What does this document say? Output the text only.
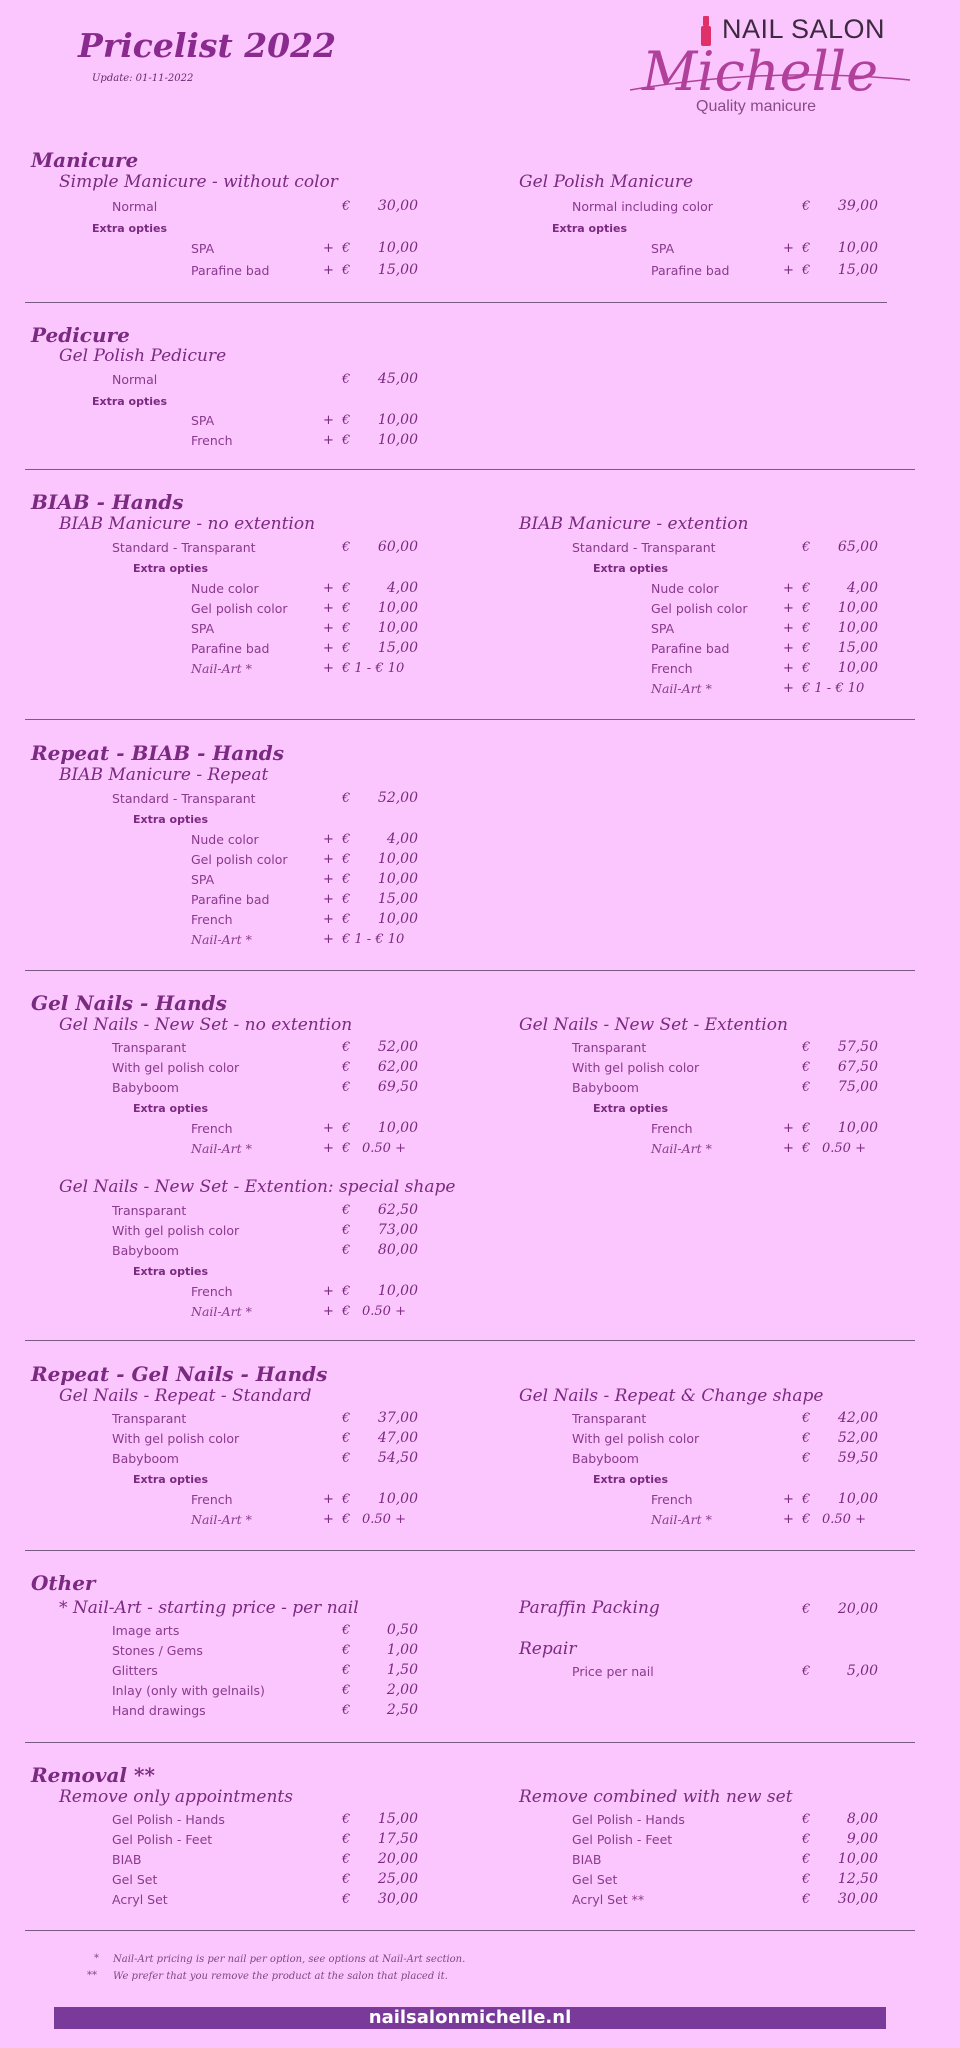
Pricelist 2022
Update: 01-11-2022
NAIL SALON
Michelle
Quality manicure
Manicure
Simple Manicure - without color
Normal	€	30,00
Extra opties
SPA	+ €	10,00
Parafine bad	+ €	15,00
Gel Polish Manicure
Normal including color	€	39,00
Extra opties
SPA	+ €	10,00
Parafine bad	+ €	15,00
Pedicure
Gel Polish Pedicure
Normal	€	45,00
Extra opties
SPA	+ €	10,00
French	+ €	10,00
BIAB - Hands
BIAB Manicure - no extention
Standard - Transparant	€	60,00
Extra opties
Nude color	+ €	4,00
Gel polish color	+ €	10,00
SPA	+ €	10,00
Parafine bad	+ €	15,00
Nail-Art *	+ € 1 - € 10
BIAB Manicure - extention
Standard - Transparant	€	65,00
Extra opties
Nude color	+ €	4,00
Gel polish color	+ €	10,00
SPA	+ €	10,00
Parafine bad	+ €	15,00
French	+ €	10,00
Nail-Art *	+ € 1 - € 10
Repeat - BIAB - Hands
BIAB Manicure - Repeat
Standard - Transparant	€	52,00
Extra opties
Nude color	+ €	4,00
Gel polish color	+ €	10,00
SPA	+ €	10,00
Parafine bad	+ €	15,00
French	+ €	10,00
Nail-Art *	+ € 1 - € 10
Gel Nails - Hands
Gel Nails - New Set - no extention
Transparant	€	52,00
With gel polish color	€	62,00
Babyboom	€	69,50
Extra opties
French	+ €	10,00
Nail-Art *	+ € 0.50 +
Gel Nails - New Set - Extention
Transparant	€	57,50
With gel polish color	€	67,50
Babyboom	€	75,00
Extra opties
French	+ €	10,00
Nail-Art *	+ € 0.50 +
Gel Nails - New Set - Extention: special shape
Transparant	€	62,50
With gel polish color	€	73,00
Babyboom	€	80,00
Extra opties
French	+ €	10,00
Nail-Art *	+ € 0.50 +
Repeat - Gel Nails - Hands
Gel Nails - Repeat - Standard
Transparant	€	37,00
With gel polish color	€	47,00
Babyboom	€	54,50
Extra opties
French	+ €	10,00
Nail-Art *	+ € 0.50 +
Gel Nails - Repeat & Change shape
Transparant	€	42,00
With gel polish color	€	52,00
Babyboom	€	59,50
Extra opties
French	+ €	10,00
Nail-Art *	+ € 0.50 +
Other
* Nail-Art - starting price - per nail
Image arts	€	0,50
Stones / Gems	€	1,00
Glitters	€	1,50
Inlay (only with gelnails)	€	2,00
Hand drawings	€	2,50
Paraffin Packing	€	20,00
Repair
Price per nail	€	5,00
Removal **
Remove only appointments
Gel Polish - Hands	€	15,00
Gel Polish - Feet	€	17,50
BIAB	€	20,00
Gel Set	€	25,00
Acryl Set	€	30,00
Remove combined with new set
Gel Polish - Hands	€	8,00
Gel Polish - Feet	€	9,00
BIAB	€	10,00
Gel Set	€	12,50
Acryl Set **	€	30,00
* Nail-Art pricing is per nail per option, see options at Nail-Art section.
** We prefer that you remove the product at the salon that placed it.
nailsalonmichelle.nl
